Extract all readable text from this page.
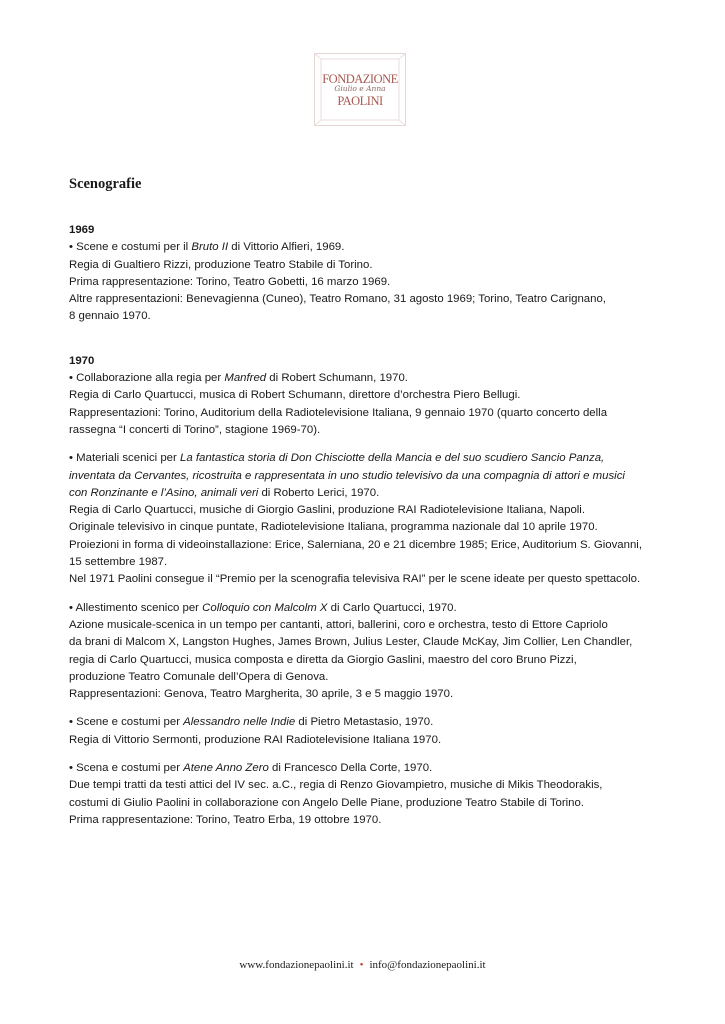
FONDAZIONE
Giulio e Anna
PAOLINI
Scenografie
1969
• Scene e costumi per il Bruto II di Vittorio Alfieri, 1969.
Regia di Gualtiero Rizzi, produzione Teatro Stabile di Torino.
Prima rappresentazione: Torino, Teatro Gobetti, 16 marzo 1969.
Altre rappresentazioni: Benevagienna (Cuneo), Teatro Romano, 31 agosto 1969; Torino, Teatro Carignano,
8 gennaio 1970.
1970
• Collaborazione alla regia per Manfred di Robert Schumann, 1970.
Regia di Carlo Quartucci, musica di Robert Schumann, direttore d’orchestra Piero Bellugi.
Rappresentazioni: Torino, Auditorium della Radiotelevisione Italiana, 9 gennaio 1970 (quarto concerto della
rassegna “I concerti di Torino”, stagione 1969-70).
• Materiali scenici per La fantastica storia di Don Chisciotte della Mancia e del suo scudiero Sancio Panza,
inventata da Cervantes, ricostruita e rappresentata in uno studio televisivo da una compagnia di attori e musici
con Ronzinante e l’Asino, animali veri di Roberto Lerici, 1970.
Regia di Carlo Quartucci, musiche di Giorgio Gaslini, produzione RAI Radiotelevisione Italiana, Napoli.
Originale televisivo in cinque puntate, Radiotelevisione Italiana, programma nazionale dal 10 aprile 1970.
Proiezioni in forma di videoinstallazione: Erice, Salerniana, 20 e 21 dicembre 1985; Erice, Auditorium S. Giovanni,
15 settembre 1987.
Nel 1971 Paolini consegue il “Premio per la scenografia televisiva RAI” per le scene ideate per questo spettacolo.
• Allestimento scenico per Colloquio con Malcolm X di Carlo Quartucci, 1970.
Azione musicale-scenica in un tempo per cantanti, attori, ballerini, coro e orchestra, testo di Ettore Capriolo
da brani di Malcom X, Langston Hughes, James Brown, Julius Lester, Claude McKay, Jim Collier, Len Chandler,
regia di Carlo Quartucci, musica composta e diretta da Giorgio Gaslini, maestro del coro Bruno Pizzi,
produzione Teatro Comunale dell’Opera di Genova.
Rappresentazioni: Genova, Teatro Margherita, 30 aprile, 3 e 5 maggio 1970.
• Scene e costumi per Alessandro nelle Indie di Pietro Metastasio, 1970.
Regia di Vittorio Sermonti, produzione RAI Radiotelevisione Italiana 1970.
• Scena e costumi per Atene Anno Zero di Francesco Della Corte, 1970.
Due tempi tratti da testi attici del IV sec. a.C., regia di Renzo Giovampietro, musiche di Mikis Theodorakis,
costumi di Giulio Paolini in collaborazione con Angelo Delle Piane, produzione Teatro Stabile di Torino.
Prima rappresentazione: Torino, Teatro Erba, 19 ottobre 1970.
www.fondazionepaolini.it • info@fondazionepaolini.it
